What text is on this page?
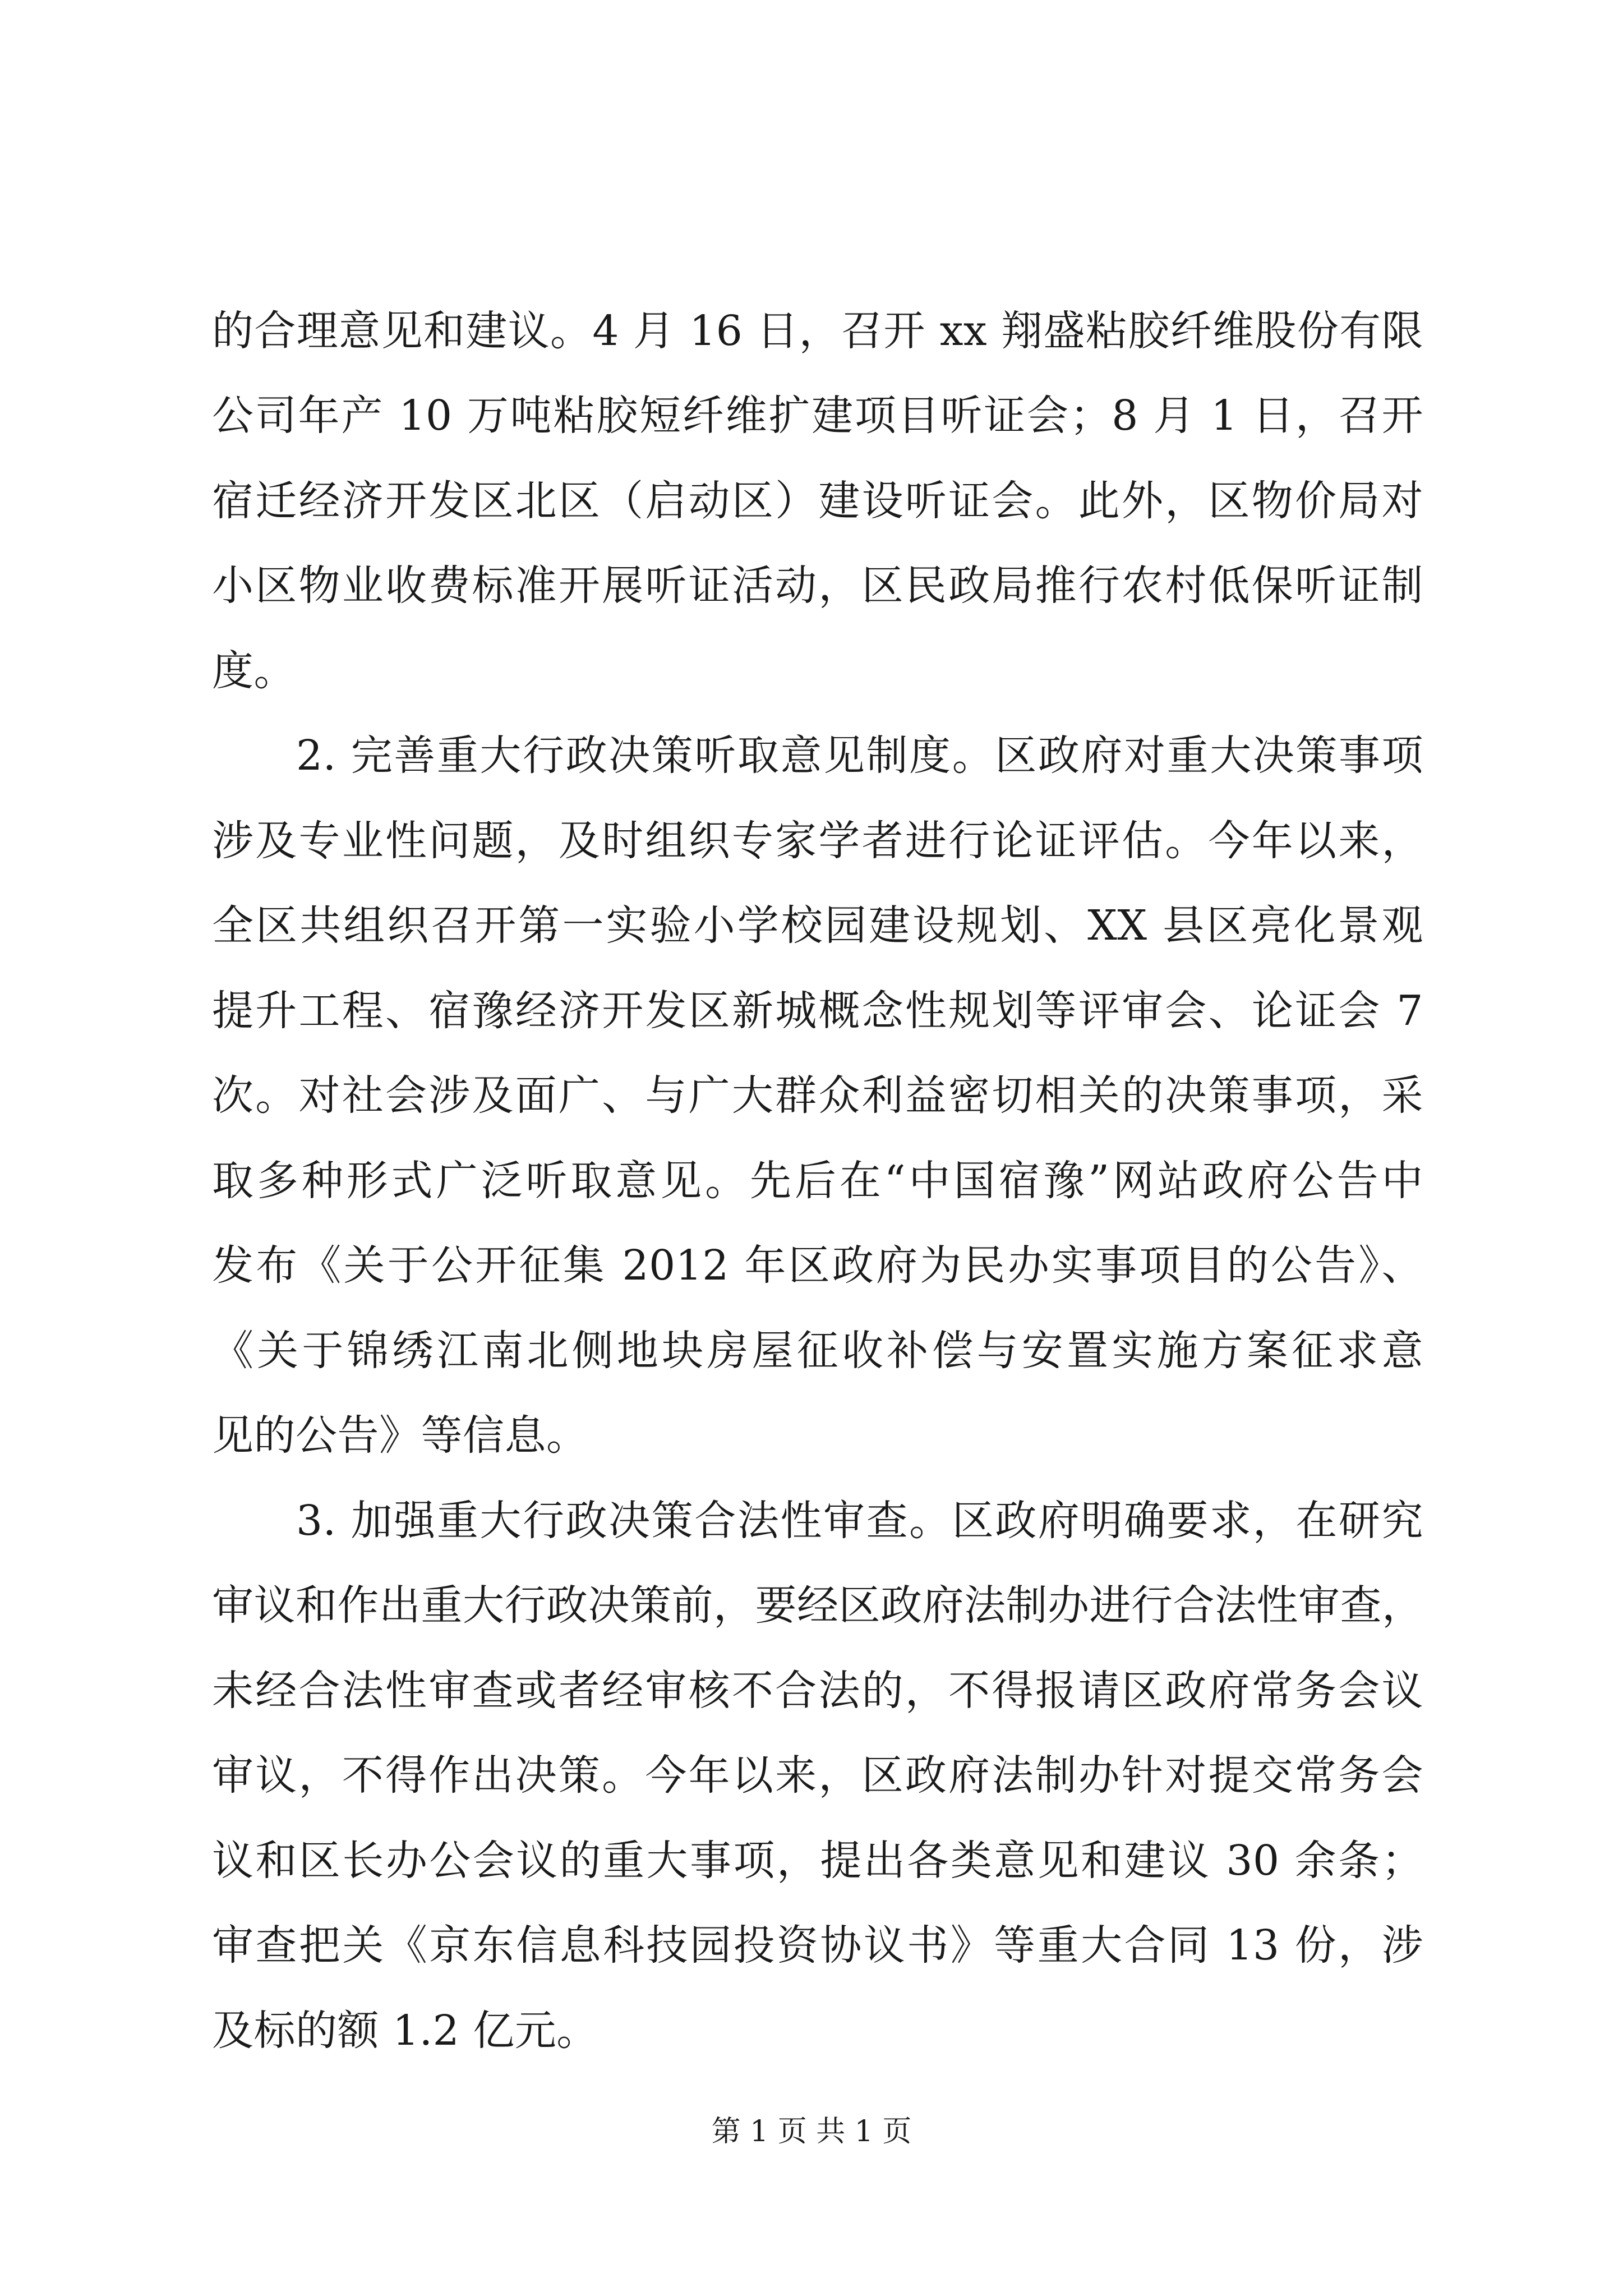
的合理意见和建议。4 月 16 日，召开 xx 翔盛粘胶纤维股份有限
公司年产 10 万吨粘胶短纤维扩建项目听证会；8 月 1 日，召开
宿迁经济开发区北区（启动区）建设听证会。此外，区物价局对
小区物业收费标准开展听证活动，区民政局推行农村低保听证制
度。
2. 完善重大行政决策听取意见制度。区政府对重大决策事项
涉及专业性问题，及时组织专家学者进行论证评估。今年以来，
全区共组织召开第一实验小学校园建设规划、XX 县区亮化景观
提升工程、宿豫经济开发区新城概念性规划等评审会、论证会 7
次。对社会涉及面广、与广大群众利益密切相关的决策事项，采
取多种形式广泛听取意见。先后在“中国宿豫”网站政府公告中
发布《关于公开征集 2012 年区政府为民办实事项目的公告》、
《关于锦绣江南北侧地块房屋征收补偿与安置实施方案征求意
见的公告》等信息。
3. 加强重大行政决策合法性审查。区政府明确要求，在研究
审议和作出重大行政决策前，要经区政府法制办进行合法性审查，
未经合法性审查或者经审核不合法的，不得报请区政府常务会议
审议，不得作出决策。今年以来，区政府法制办针对提交常务会
议和区长办公会议的重大事项，提出各类意见和建议 30 余条；
审查把关《京东信息科技园投资协议书》等重大合同 13 份，涉
及标的额 1.2 亿元。
第 1 页 共 1 页
